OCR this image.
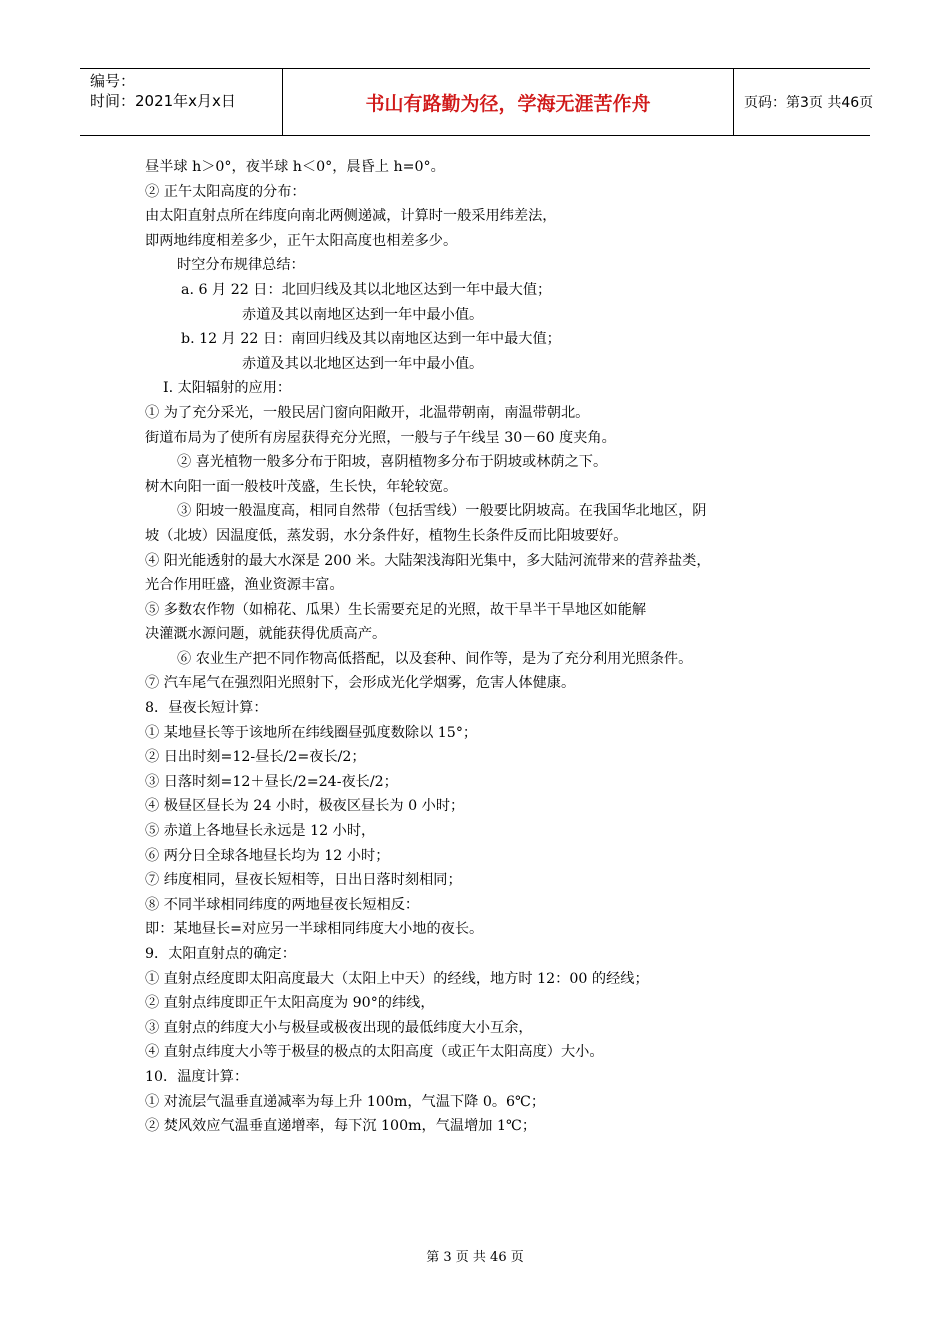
编号：
时间：2021年x月x日	书山有路勤为径，学海无涯苦作舟	页码：第3页 共46页
昼半球 h＞0°，夜半球 h＜0°，晨昏上 h=0°。
② 正午太阳高度的分布：
由太阳直射点所在纬度向南北两侧递减，计算时一般采用纬差法，
即两地纬度相差多少，正午太阳高度也相差多少。
时空分布规律总结：
a. 6 月 22 日：北回归线及其以北地区达到一年中最大值；
赤道及其以南地区达到一年中最小值。
b. 12 月 22 日：南回归线及其以南地区达到一年中最大值；
赤道及其以北地区达到一年中最小值。
I. 太阳辐射的应用：
① 为了充分采光，一般民居门窗向阳敞开，北温带朝南，南温带朝北。
街道布局为了使所有房屋获得充分光照，一般与子午线呈 30－60 度夹角。
② 喜光植物一般多分布于阳坡，喜阴植物多分布于阴坡或林荫之下。
树木向阳一面一般枝叶茂盛，生长快，年轮较宽。
③ 阳坡一般温度高，相同自然带（包括雪线）一般要比阴坡高。在我国华北地区，阴
坡（北坡）因温度低，蒸发弱，水分条件好，植物生长条件反而比阳坡要好。
④ 阳光能透射的最大水深是 200 米。大陆架浅海阳光集中，多大陆河流带来的营养盐类，
光合作用旺盛，渔业资源丰富。
⑤ 多数农作物（如棉花、瓜果）生长需要充足的光照，故干旱半干旱地区如能解
决灌溉水源问题，就能获得优质高产。
⑥ 农业生产把不同作物高低搭配，以及套种、间作等，是为了充分利用光照条件。
⑦ 汽车尾气在强烈阳光照射下，会形成光化学烟雾，危害人体健康。
8．昼夜长短计算：
① 某地昼长等于该地所在纬线圈昼弧度数除以 15°；
② 日出时刻=12-昼长/2=夜长/2；
③ 日落时刻=12＋昼长/2=24-夜长/2；
④ 极昼区昼长为 24 小时，极夜区昼长为 0 小时；
⑤ 赤道上各地昼长永远是 12 小时，
⑥ 两分日全球各地昼长均为 12 小时；
⑦ 纬度相同，昼夜长短相等，日出日落时刻相同；
⑧ 不同半球相同纬度的两地昼夜长短相反：
即：某地昼长=对应另一半球相同纬度大小地的夜长。
9．太阳直射点的确定：
① 直射点经度即太阳高度最大（太阳上中天）的经线，地方时 12：00 的经线；
② 直射点纬度即正午太阳高度为 90°的纬线，
③ 直射点的纬度大小与极昼或极夜出现的最低纬度大小互余，
④ 直射点纬度大小等于极昼的极点的太阳高度（或正午太阳高度）大小。
10．温度计算：
① 对流层气温垂直递减率为每上升 100m，气温下降 0。6℃；
② 焚风效应气温垂直递增率，每下沉 100m，气温增加 1℃；
第 3 页 共 46 页
